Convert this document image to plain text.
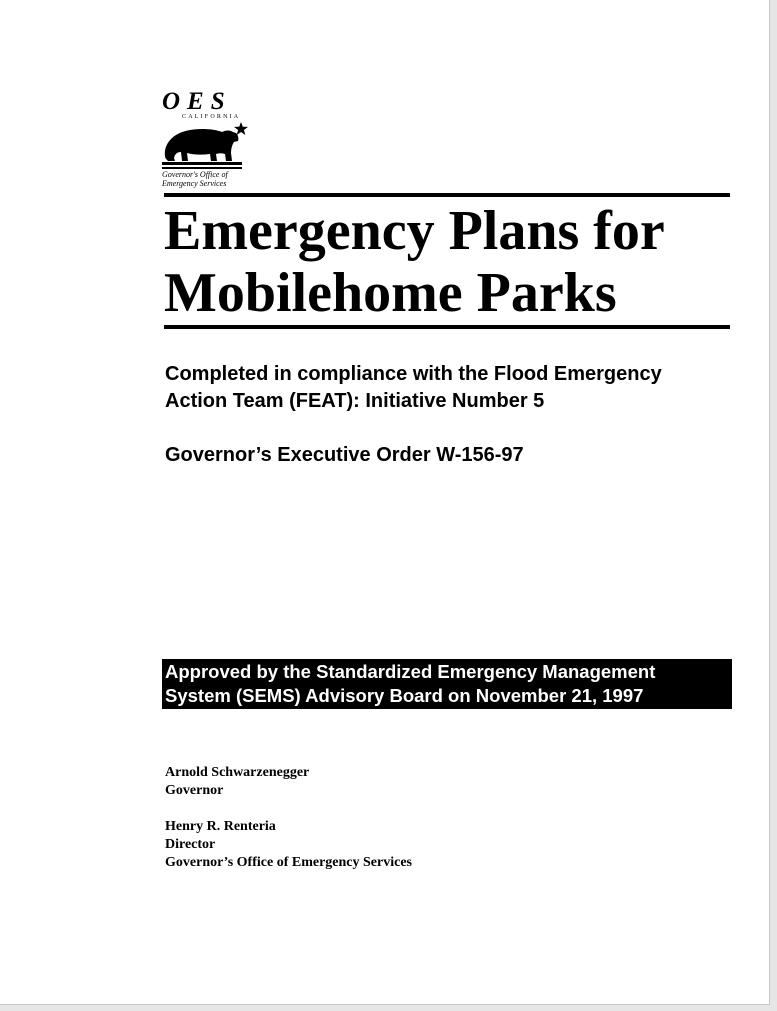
OES
CALIFORNIA
Governor's Office of
Emergency Services
Emergency Plans for
Mobilehome Parks

Completed in compliance with the Flood Emergency
Action Team (FEAT): Initiative Number 5

Governor’s Executive Order W-156-97

Approved by the Standardized Emergency Management
System (SEMS) Advisory Board on November 21, 1997
Arnold Schwarzenegger
Governor
Henry R. Renteria
Director
Governor’s Office of Emergency Services
